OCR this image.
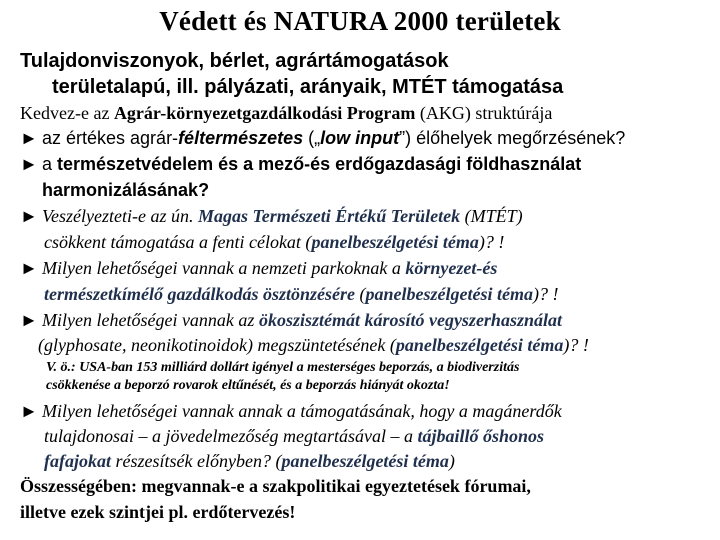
Védett és NATURA 2000 területek
Tulajdonviszonyok, bérlet, agrártámogatások
területalapú, ill. pályázati, arányaik, MTÉT támogatása
Kedvez-e az Agrár-környezetgazdálkodási Program (AKG) struktúrája
► az értékes agrár-féltermészetes („low input”) élőhelyek megőrzésének?
► a természetvédelem és a mező-és erdőgazdasági földhasználat
harmonizálásának?
► Veszélyezteti-e az ún. Magas Természeti Értékű Területek (MTÉT)
csökkent támogatása a fenti célokat (panelbeszélgetési téma)? !
► Milyen lehetőségei vannak a nemzeti parkoknak a környezet-és
természetkímélő gazdálkodás ösztönzésére (panelbeszélgetési téma)? !
► Milyen lehetőségei vannak az ökoszisztémát károsító vegyszerhasználat
(glyphosate, neonikotinoidok) megszüntetésének (panelbeszélgetési téma)? !
V. ö.: USA-ban 153 milliárd dollárt igényel a mesterséges beporzás, a biodiverzitás
csökkenése a beporzó rovarok eltűnését, és a beporzás hiányát okozta!
► Milyen lehetőségei vannak annak a támogatásának, hogy a magánerdők
tulajdonosai – a jövedelmezőség megtartásával – a tájbaillő őshonos
fafajokat részesítsék előnyben? (panelbeszélgetési téma)
Összességében: megvannak-e a szakpolitikai egyeztetések fórumai,
illetve ezek szintjei pl. erdőtervezés!
